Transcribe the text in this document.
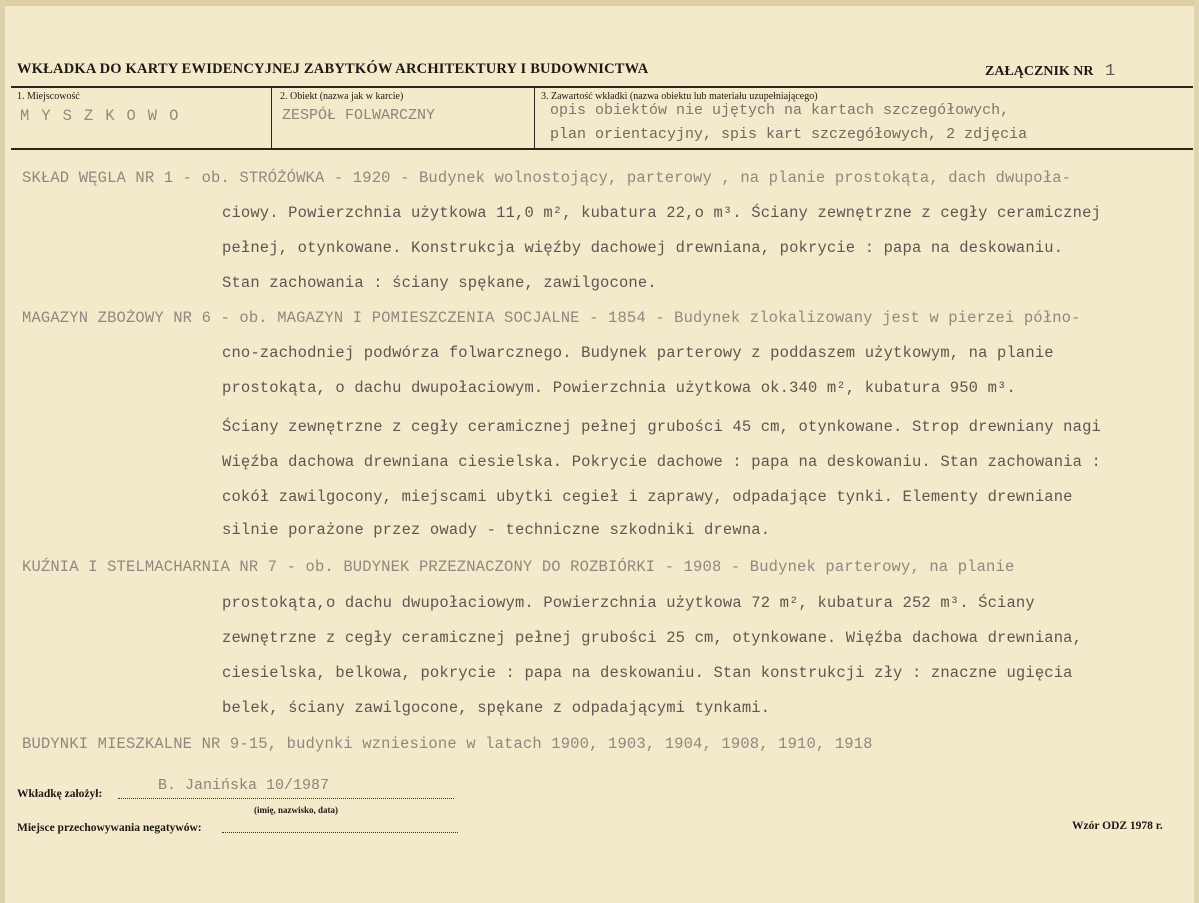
WKŁADKA DO KARTY EWIDENCYJNEJ ZABYTKÓW ARCHITEKTURY I BUDOWNICTWA	ZAŁĄCZNIK NR 1
1. Miejscowość
MYSZKOWO
2. Obiekt (nazwa jak w karcie)
ZESPÓŁ FOLWARCZNY
3. Zawartość wkładki (nazwa obiektu lub materiału uzupełniającego)
opis obiektów nie ujętych na kartach szczegółowych,
plan orientacyjny, spis kart szczegółowych, 2 zdjęcia
SKŁAD WĘGLA NR 1 - ob. STRÓŻÓWKA - 1920 - Budynek wolnostojący, parterowy , na planie prostokąta, dach dwupoła-
ciowy. Powierzchnia użytkowa 11,0 m², kubatura 22,o m³. Ściany zewnętrzne z cegły ceramicznej
pełnej, otynkowane. Konstrukcja więźby dachowej drewniana, pokrycie : papa na deskowaniu.
Stan zachowania : ściany spękane, zawilgocone.
MAGAZYN ZBOŻOWY NR 6 - ob. MAGAZYN I POMIESZCZENIA SOCJALNE - 1854 - Budynek zlokalizowany jest w pierzei półno-
cno-zachodniej podwórza folwarcznego. Budynek parterowy z poddaszem użytkowym, na planie
prostokąta, o dachu dwupołaciowym. Powierzchnia użytkowa ok.340 m², kubatura 950 m³.
Ściany zewnętrzne z cegły ceramicznej pełnej grubości 45 cm, otynkowane. Strop drewniany nagi
Więźba dachowa drewniana ciesielska. Pokrycie dachowe : papa na deskowaniu. Stan zachowania :
cokół zawilgocony, miejscami ubytki cegieł i zaprawy, odpadające tynki. Elementy drewniane
silnie porażone przez owady - techniczne szkodniki drewna.
KUŹNIA I STELMACHARNIA NR 7 - ob. BUDYNEK PRZEZNACZONY DO ROZBIÓRKI - 1908 - Budynek parterowy, na planie
prostokąta,o dachu dwupołaciowym. Powierzchnia użytkowa 72 m², kubatura 252 m³. Ściany
zewnętrzne z cegły ceramicznej pełnej grubości 25 cm, otynkowane. Więźba dachowa drewniana,
ciesielska, belkowa, pokrycie : papa na deskowaniu. Stan konstrukcji zły : znaczne ugięcia
belek, ściany zawilgocone, spękane z odpadającymi tynkami.
BUDYNKI MIESZKALNE NR 9-15, budynki wzniesione w latach 1900, 1903, 1904, 1908, 1910, 1918
Wkładkę założył:	B. Janińska 10/1987
(imię, nazwisko, data)
Miejsce przechowywania negatywów:	Wzór ODZ 1978 r.
